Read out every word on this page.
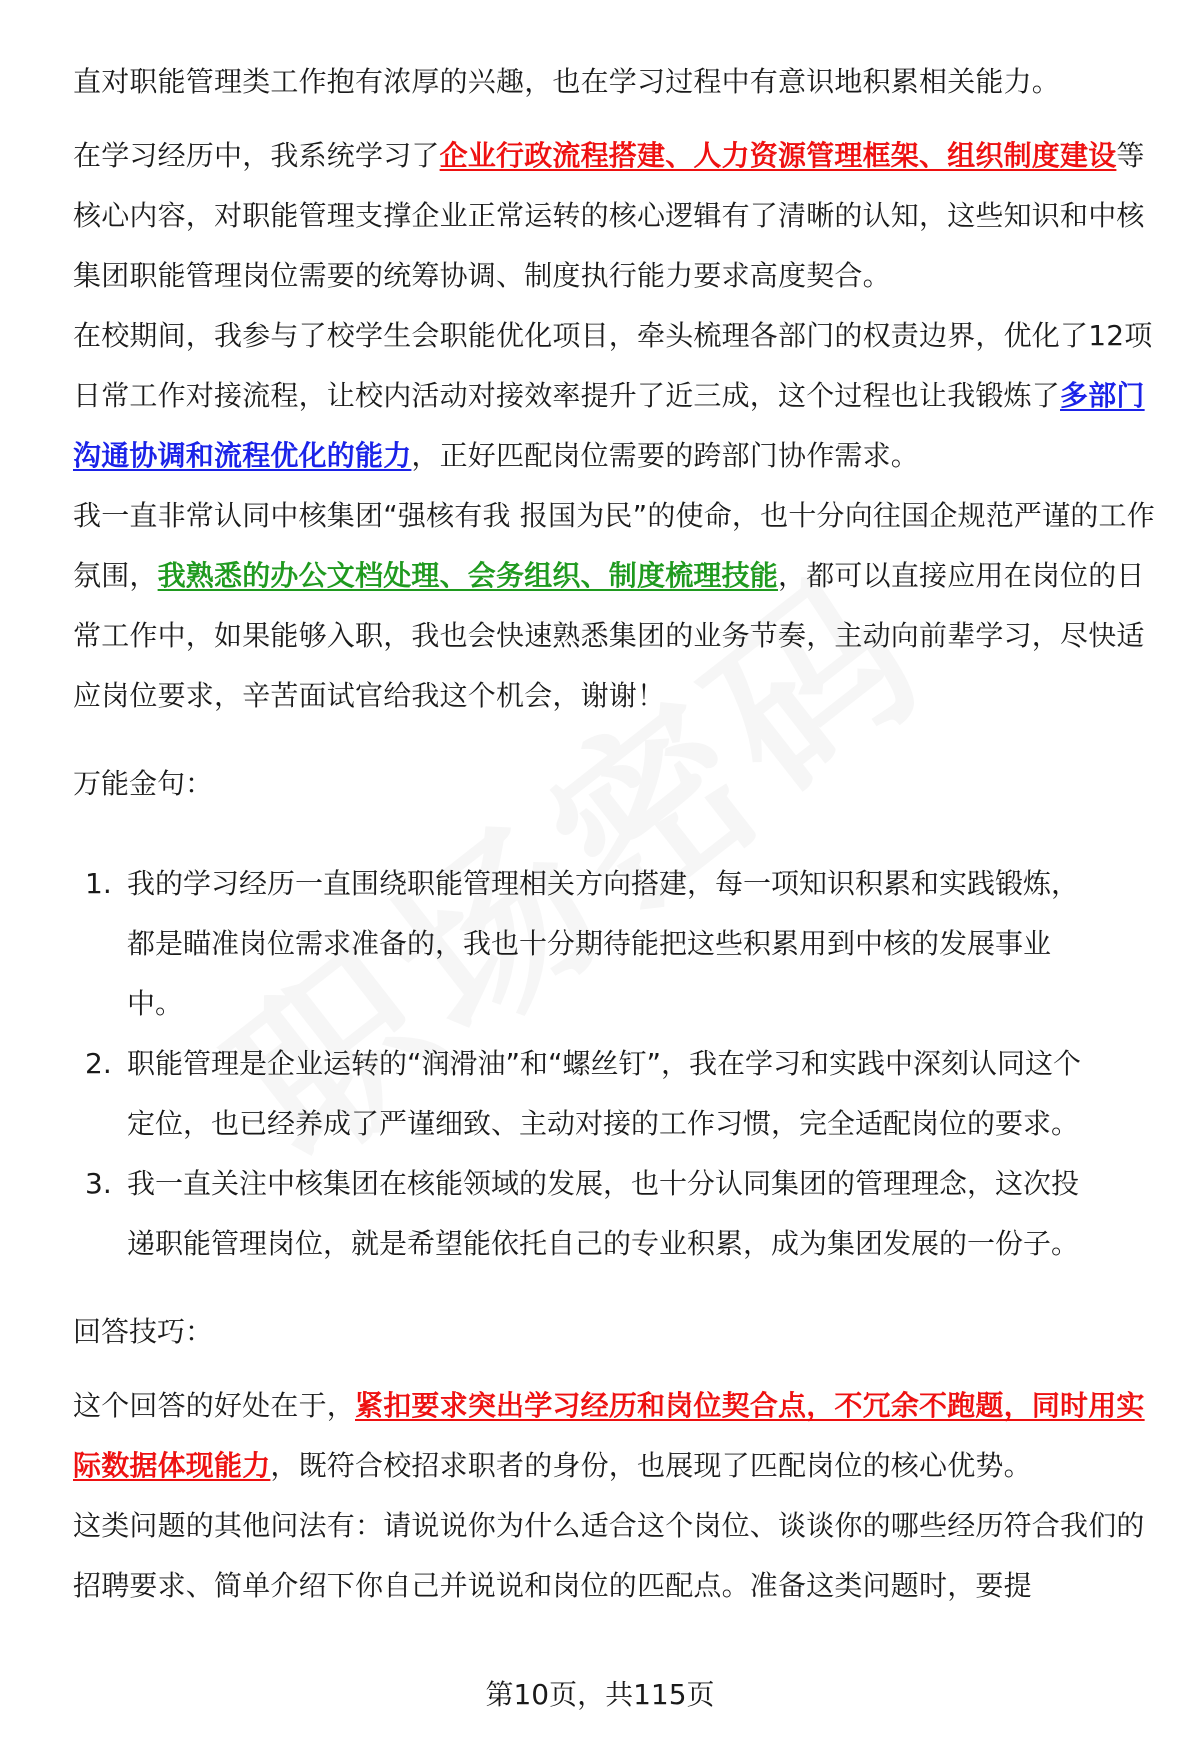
直对职能管理类工作抱有浓厚的兴趣，也在学习过程中有意识地积累相关能力。

在学习经历中，我系统学习了企业行政流程搭建、人力资源管理框架、组织制度建设等核心内容，对职能管理支撑企业正常运转的核心逻辑有了清晰的认知，这些知识和中核集团职能管理岗位需要的统筹协调、制度执行能力要求高度契合。

在校期间，我参与了校学生会职能优化项目，牵头梳理各部门的权责边界，优化了12项日常工作对接流程，让校内活动对接效率提升了近三成，这个过程也让我锻炼了多部门沟通协调和流程优化的能力，正好匹配岗位需要的跨部门协作需求。

我一直非常认同中核集团“强核有我 报国为民”的使命，也十分向往国企规范严谨的工作氛围，我熟悉的办公文档处理、会务组织、制度梳理技能，都可以直接应用在岗位的日常工作中，如果能够入职，我也会快速熟悉集团的业务节奏，主动向前辈学习，尽快适应岗位要求，辛苦面试官给我这个机会，谢谢！

万能金句：

1. 我的学习经历一直围绕职能管理相关方向搭建，每一项知识积累和实践锻炼，都是瞄准岗位需求准备的，我也十分期待能把这些积累用到中核的发展事业中。
2. 职能管理是企业运转的“润滑油”和“螺丝钉”，我在学习和实践中深刻认同这个定位，也已经养成了严谨细致、主动对接的工作习惯，完全适配岗位的要求。
3. 我一直关注中核集团在核能领域的发展，也十分认同集团的管理理念，这次投递职能管理岗位，就是希望能依托自己的专业积累，成为集团发展的一份子。

回答技巧：

这个回答的好处在于，紧扣要求突出学习经历和岗位契合点，不冗余不跑题，同时用实际数据体现能力，既符合校招求职者的身份，也展现了匹配岗位的核心优势。

这类问题的其他问法有：请说说你为什么适合这个岗位、谈谈你的哪些经历符合我们的招聘要求、简单介绍下你自己并说说和岗位的匹配点。准备这类问题时，要提

第10页，共115页
